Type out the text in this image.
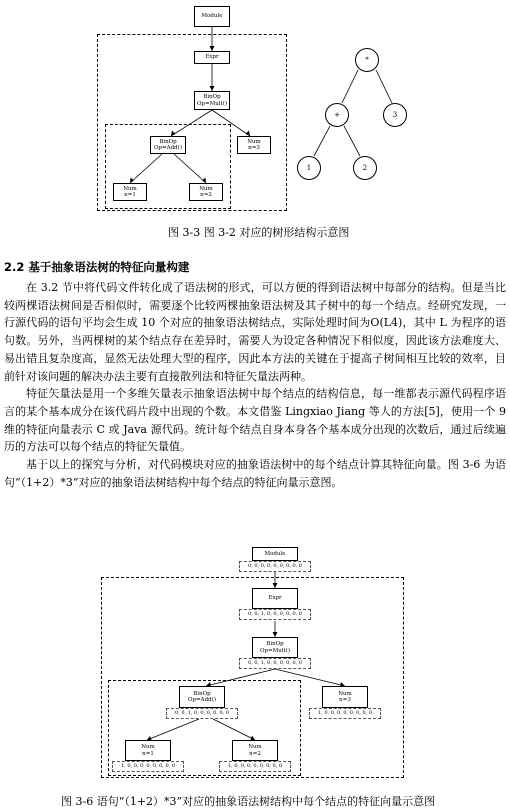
Module
Expr
BinOp
Op=Mult()
BinOp
Op=Add()
Num
n=3
Num
n=1
Num
n=2
*
+	3
1	2
图 3-3 图 3-2 对应的树形结构示意图
2.2 基于抽象语法树的特征向量构建

在 3.2 节中将代码文件转化成了语法树的形式，可以方便的得到语法树中每部分的结构。但是当比较两棵语法树间是否相似时，需要逐个比较两棵抽象语法树及其子树中的每一个结点。经研究发现，一行源代码的语句平均会生成 10 个对应的抽象语法树结点，实际处理时间为O(L4)，其中 L 为程序的语句数。另外，当两棵树的某个结点存在差异时，需要人为设定各种情况下相似度，因此该方法难度大、易出错且复杂度高，显然无法处理大型的程序，因此本方法的关键在于提高子树间相互比较的效率，目前针对该问题的解决办法主要有直接散列法和特征矢量法两种。

特征矢量法是用一个多维矢量表示抽象语法树中每个结点的结构信息，每一维都表示源代码程序语言的某个基本成分在该代码片段中出现的个数。本文借鉴 Lingxiao Jiang 等人的方法[5]，使用一个 9 维的特征向量表示 C 或 Java 源代码。统计每个结点自身本身各个基本成分出现的次数后，通过后续遍历的方法可以每个结点的特征矢量值。

基于以上的探究与分析，对代码模块对应的抽象语法树中的每个结点计算其特征向量。图 3-6 为语句“（1+2）*3”对应的抽象语法树结构中每个结点的特征向量示意图。

Module
0, 0, 0, 0, 0, 0, 0, 0, 0
Expr
0, 0, 1, 0, 0, 0, 0, 0, 0
BinOp
Op=Mult()
0, 0, 1, 0, 0, 0, 0, 0, 0
BinOp
Op=Add()
0, 0, 1, 0, 0, 0, 0, 0, 0
Num
n=3
1, 0, 0, 0, 0, 0, 0, 0, 0
Num
n=1
1, 0, 0, 0, 0, 0, 0, 0, 0
Num
n=2
1, 0, 0, 0, 0, 0, 0, 0, 0
图 3-6 语句“（1+2）*3”对应的抽象语法树结构中每个结点的特征向量示意图
